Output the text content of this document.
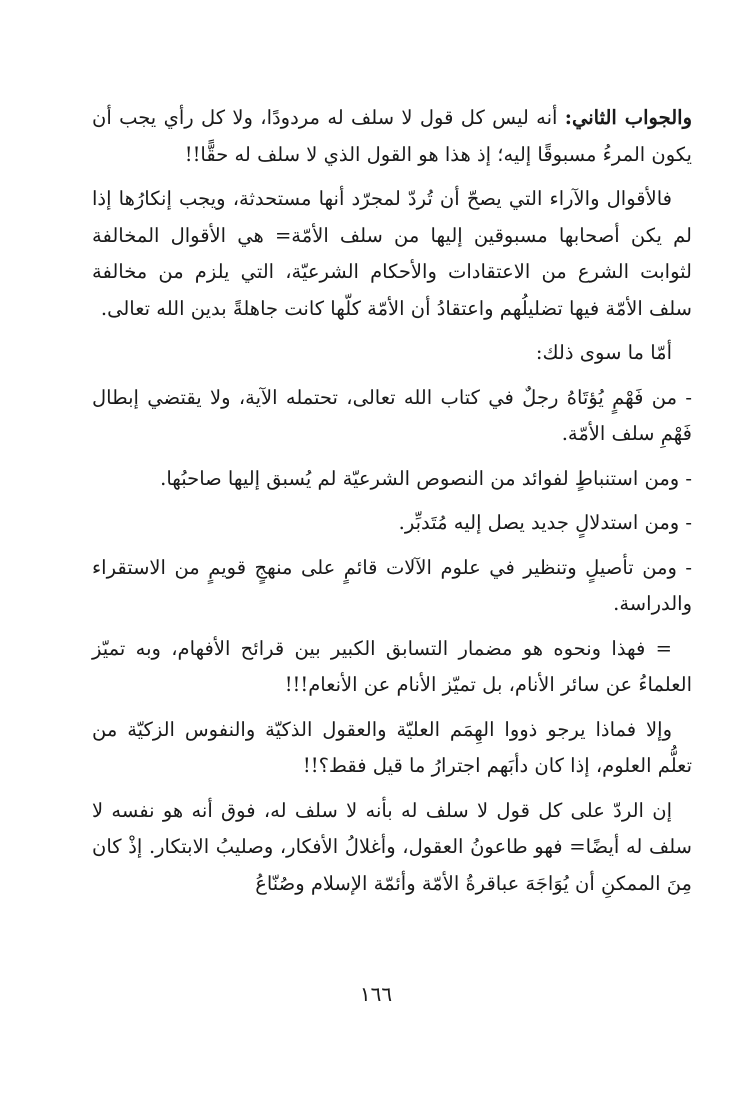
والجواب الثاني: أنه ليس كل قول لا سلف له مردودًا، ولا كل رأي يجب أن يكون المرءُ مسبوقًا إليه؛ إذ هذا هو القول الذي لا سلف له حقًّا!!

فالأقوال والآراء التي يصحّ أن تُردّ لمجرّد أنها مستحدثة، ويجب إنكارُها إذا لم يكن أصحابها مسبوقين إليها من سلف الأمّة= هي الأقوال المخالفة لثوابت الشرع من الاعتقادات والأحكام الشرعيّة، التي يلزم من مخالفة سلف الأمّة فيها تضليلُهم واعتقادُ أن الأمّة كلّها كانت جاهلةً بدين الله تعالى.

أمّا ما سوى ذلك:

- من فَهْمٍ يُؤتَاهُ رجلٌ في كتاب الله تعالى، تحتمله الآية، ولا يقتضي إبطال فَهْمِ سلف الأمّة.

- ومن استنباطٍ لفوائد من النصوص الشرعيّة لم يُسبق إليها صاحبُها.

- ومن استدلالٍ جديد يصل إليه مُتَدبِّر.

- ومن تأصيلٍ وتنظير في علوم الآلات قائمٍ على منهجٍ قويمٍ من الاستقراء والدراسة.

= فهذا ونحوه هو مضمار التسابق الكبير بين قرائح الأفهام، وبه تميّز العلماءُ عن سائر الأنام، بل تميّز الأنام عن الأنعام!!!

وإلا فماذا يرجو ذووا الهِمَم العليّة والعقول الذكيّة والنفوس الزكيّة من تعلُّم العلوم، إذا كان دأبَهم اجترارُ ما قيل فقط؟!!

إن الردّ على كل قول لا سلف له بأنه لا سلف له، فوق أنه هو نفسه لا سلف له أيضًا= فهو طاعونُ العقول، وأغلالُ الأفكار، وصليبُ الابتكار. إذْ كان مِنَ الممكنِ أن يُوَاجَهَ عباقرةُ الأمّة وأئمّة الإسلام وصُنّاعُ

١٦٦
